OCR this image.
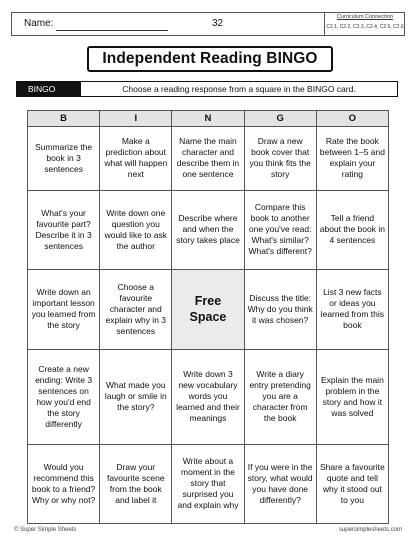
Name:	32
Curriculum Connection
C2.1, C2.2, C2.3, C2.4, C2.5, C2.6
Independent Reading BINGO
BINGO	Choose a reading response from a square in the BINGO card.
B	I	N	G	O
Summarize the book in 3 sentences	Make a prediction about what will happen next	Name the main character and describe them in one sentence	Draw a new book cover that you think fits the story	Rate the book between 1–5 and explain your rating
What's your favourite part? Describe it in 3 sentences	Write down one question you would like to ask the author	Describe where and when the story takes place	Compare this book to another one you've read: What's similar? What's different?	Tell a friend about the book in 4 sentences
Write down an important lesson you learned from the story	Choose a favourite character and explain why in 3 sentences	Free Space	Discuss the title: Why do you think it was chosen?	List 3 new facts or ideas you learned from this book
Create a new ending: Write 3 sentences on how you'd end the story differently	What made you laugh or smile in the story?	Write down 3 new vocabulary words you learned and their meanings	Write a diary entry pretending you are a character from the book	Explain the main problem in the story and how it was solved
Would you recommend this book to a friend? Why or why not?	Draw your favourite scene from the book and label it	Write about a moment in the story that surprised you and explain why	If you were in the story, what would you have done differently?	Share a favourite quote and tell why it stood out to you
© Super Simple Sheets	supersimplesheets.com
